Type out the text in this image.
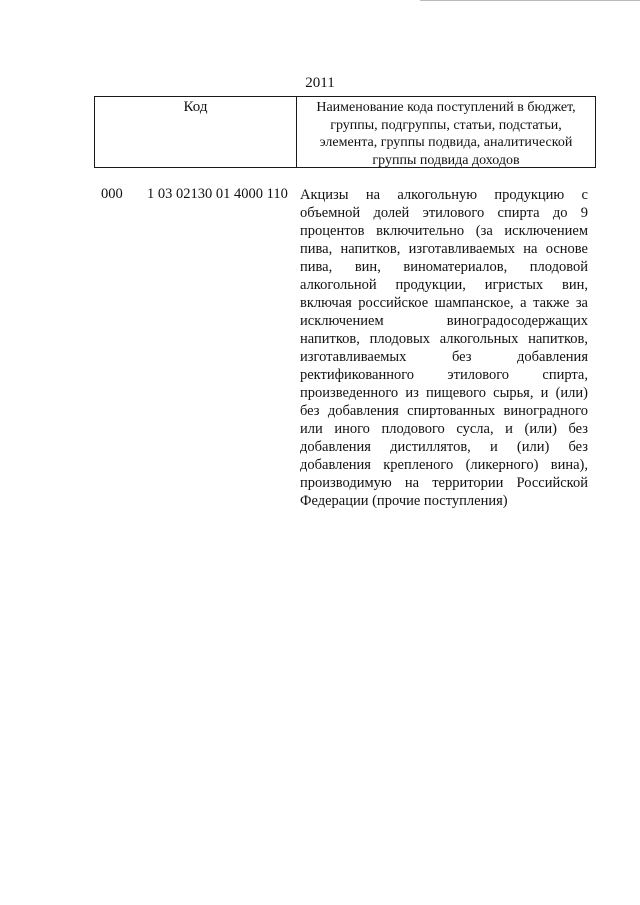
2011
Код	Наименование кода поступлений в бюджет, группы, подгруппы, статьи, подстатьи, элемента, группы подвида, аналитической группы подвида доходов
000 1 03 02130 01 4000 110 Акцизы на алкогольную продукцию с объемной долей этилового спирта до 9 процентов включительно (за исключением пива, напитков, изготавливаемых на основе пива, вин, виноматериалов, плодовой алкогольной продукции, игристых вин, включая российское шампанское, а также за исключением виноградосодержащих напитков, плодовых алкогольных напитков, изготавливаемых без добавления ректификованного этилового спирта, произведенного из пищевого сырья, и (или) без добавления спиртованных виноградного или иного плодового сусла, и (или) без добавления дистиллятов, и (или) без добавления крепленого (ликерного) вина), производимую на территории Российской Федерации (прочие поступления)
